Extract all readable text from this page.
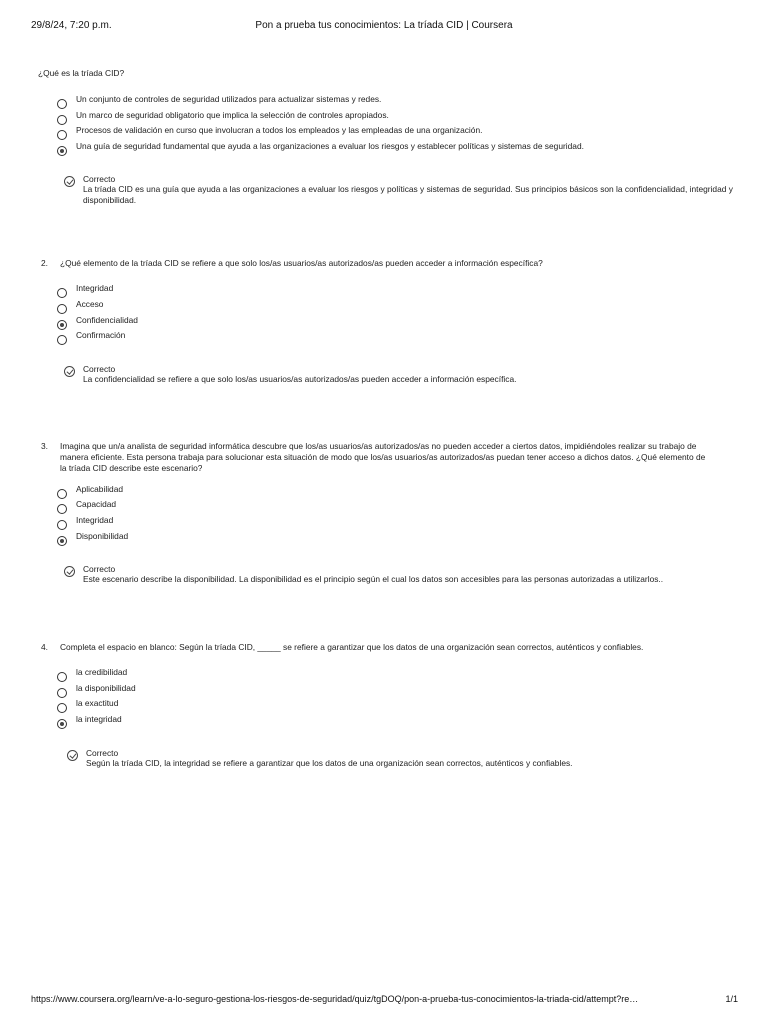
Pon a prueba tus conocimientos: La tríada CID | Coursera
29/8/24, 7:20 p.m.
¿Qué es la tríada CID?
Un conjunto de controles de seguridad utilizados para actualizar sistemas y redes.
Un marco de seguridad obligatorio que implica la selección de controles apropiados.
Procesos de validación en curso que involucran a todos los empleados y las empleadas de una organización.
Una guía de seguridad fundamental que ayuda a las organizaciones a evaluar los riesgos y establecer políticas y sistemas de seguridad.
Correcto
La tríada CID es una guía que ayuda a las organizaciones a evaluar los riesgos y políticas y sistemas de seguridad. Sus principios básicos son la confidencialidad, integridad y disponibilidad.
2. ¿Qué elemento de la tríada CID se refiere a que solo los/as usuarios/as autorizados/as pueden acceder a información específica?
Integridad
Acceso
Confidencialidad
Confirmación
Correcto
La confidencialidad se refiere a que solo los/as usuarios/as autorizados/as pueden acceder a información específica.
3. Imagina que un/a analista de seguridad informática descubre que los/as usuarios/as autorizados/as no pueden acceder a ciertos datos, impidiéndoles realizar su trabajo de
manera eficiente. Esta persona trabaja para solucionar esta situación de modo que los/as usuarios/as autorizados/as puedan tener acceso a dichos datos. ¿Qué elemento de
la tríada CID describe este escenario?
Aplicabilidad
Capacidad
Integridad
Disponibilidad
Correcto
Este escenario describe la disponibilidad. La disponibilidad es el principio según el cual los datos son accesibles para las personas autorizadas a utilizarlos..
4. Completa el espacio en blanco: Según la tríada CID, _____ se refiere a garantizar que los datos de una organización sean correctos, auténticos y confiables.
la credibilidad
la disponibilidad
la exactitud
la integridad
Correcto
Según la tríada CID, la integridad se refiere a garantizar que los datos de una organización sean correctos, auténticos y confiables.
https://www.coursera.org/learn/ve-a-lo-seguro-gestiona-los-riesgos-de-seguridad/quiz/tgDOQ/pon-a-prueba-tus-conocimientos-la-triada-cid/attempt?re…	1/1
